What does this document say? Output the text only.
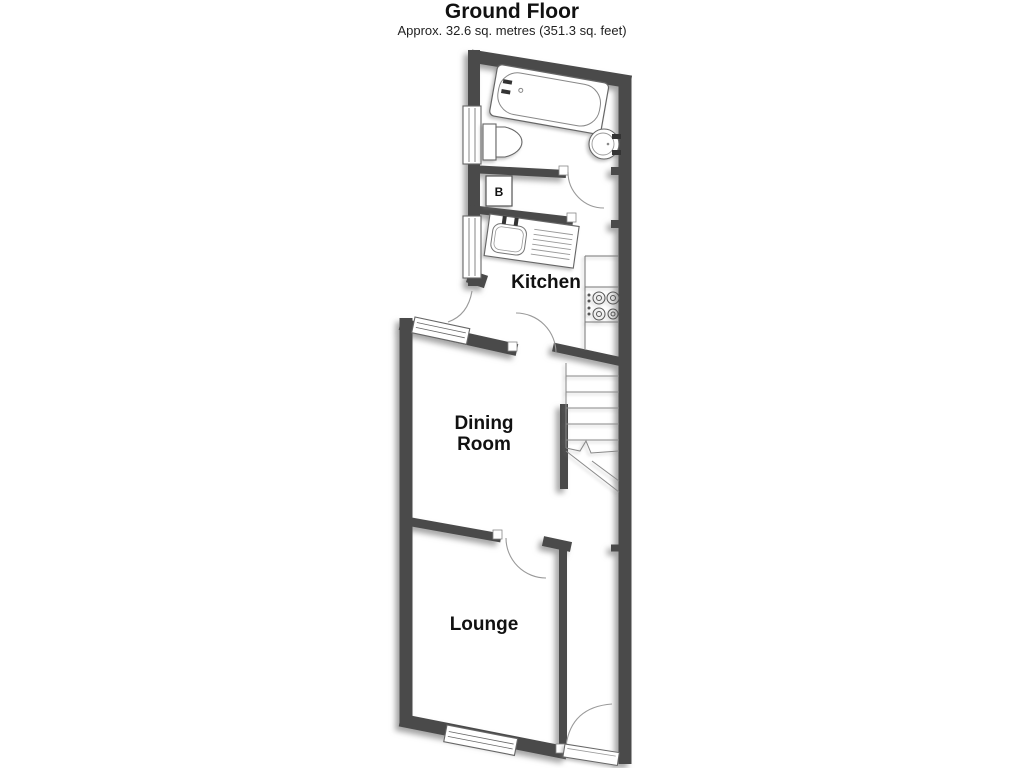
Ground Floor
Approx. 32.6 sq. metres (351.3 sq. feet)
B
Kitchen
Dining
Room
Lounge
